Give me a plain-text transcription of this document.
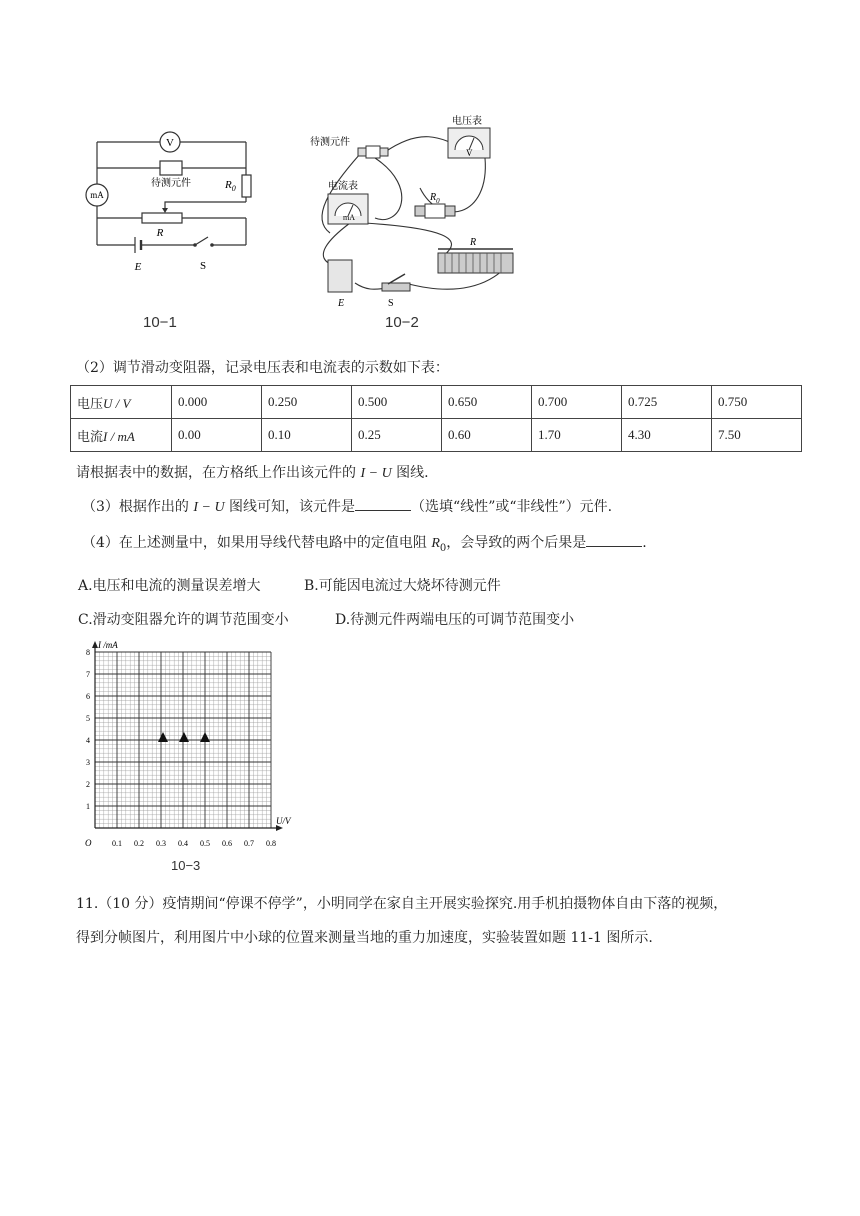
V
mA
待测元件	$R_0$
R
E	S
10−1
待测元件
电压表
V
电流表
mA
$R_0$
R
E	S
10−2
（2）调节滑动变阻器，记录电压表和电流表的示数如下表：
电压U / V	0.000	0.250	0.500	0.650	0.700	0.725	0.750
电流I / mA	0.00	0.10	0.25	0.60	1.70	4.30	7.50
请根据表中的数据，在方格纸上作出该元件的 I − U 图线.
（3）根据作出的 I − U 图线可知，该元件是	（选填“线性”或“非线性”）元件.
（4）在上述测量中，如果用导线代替电路中的定值电阻 $R_0$，会导致的两个后果是	.
A.电压和电流的测量误差增大	B.可能因电流过大烧坏待测元件
C.滑动变阻器允许的调节范围变小	D.待测元件两端电压的可调节范围变小
I /mA
U/V
O
1
2
3
4
5
6
7
8
0.1 0.2 0.3 0.4 0.5 0.6 0.7 0.8
10−3
11.（10 分）疫情期间“停课不停学”，小明同学在家自主开展实验探究.用手机拍摄物体自由下落的视频，
得到分帧图片，利用图片中小球的位置来测量当地的重力加速度，实验装置如题 11-1 图所示.
